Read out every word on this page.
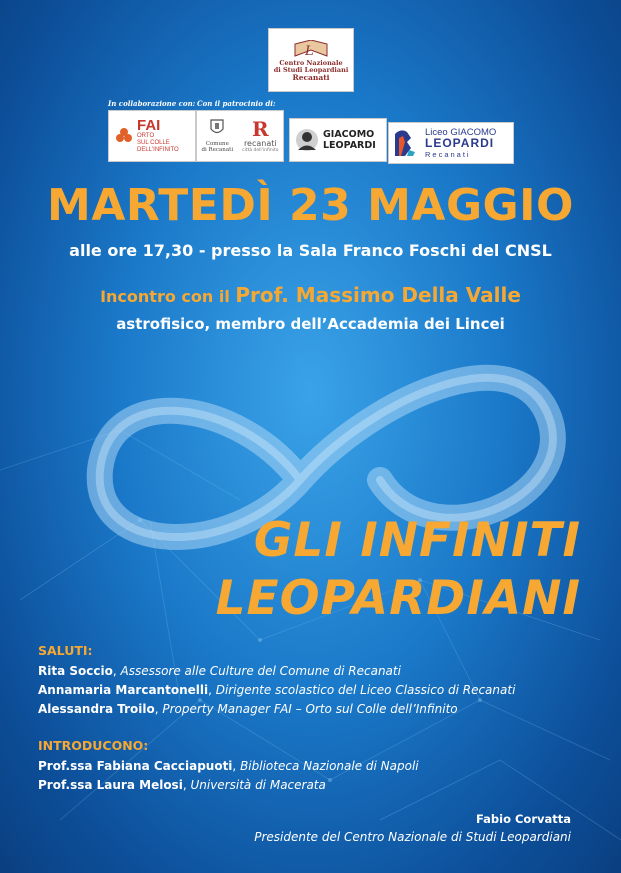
L
Centro Nazionale
di Studi Leopardiani
Recanati
In collaborazione con: Con il patrocinio di:
FAI
ORTO
SUL COLLE
DELL'INFINITO
Comune
di Recanati
R
recanati
città dell'infinito
GIACOMO
LEOPARDI
Liceo GIACOMO
LEOPARDI
Recanati
MARTEDÌ 23 MAGGIO
alle ore 17,30 - presso la Sala Franco Foschi del CNSL
Incontro con il Prof. Massimo Della Valle
astrofisico, membro dell’Accademia dei Lincei
GLI INFINITI
LEOPARDIANI
SALUTI:
Rita Soccio, Assessore alle Culture del Comune di Recanati
Annamaria Marcantonelli, Dirigente scolastico del Liceo Classico di Recanati
Alessandra Troilo, Property Manager FAI – Orto sul Colle dell’Infinito
INTRODUCONO:
Prof.ssa Fabiana Cacciapuoti, Biblioteca Nazionale di Napoli
Prof.ssa Laura Melosi, Università di Macerata
Fabio Corvatta
Presidente del Centro Nazionale di Studi Leopardiani
